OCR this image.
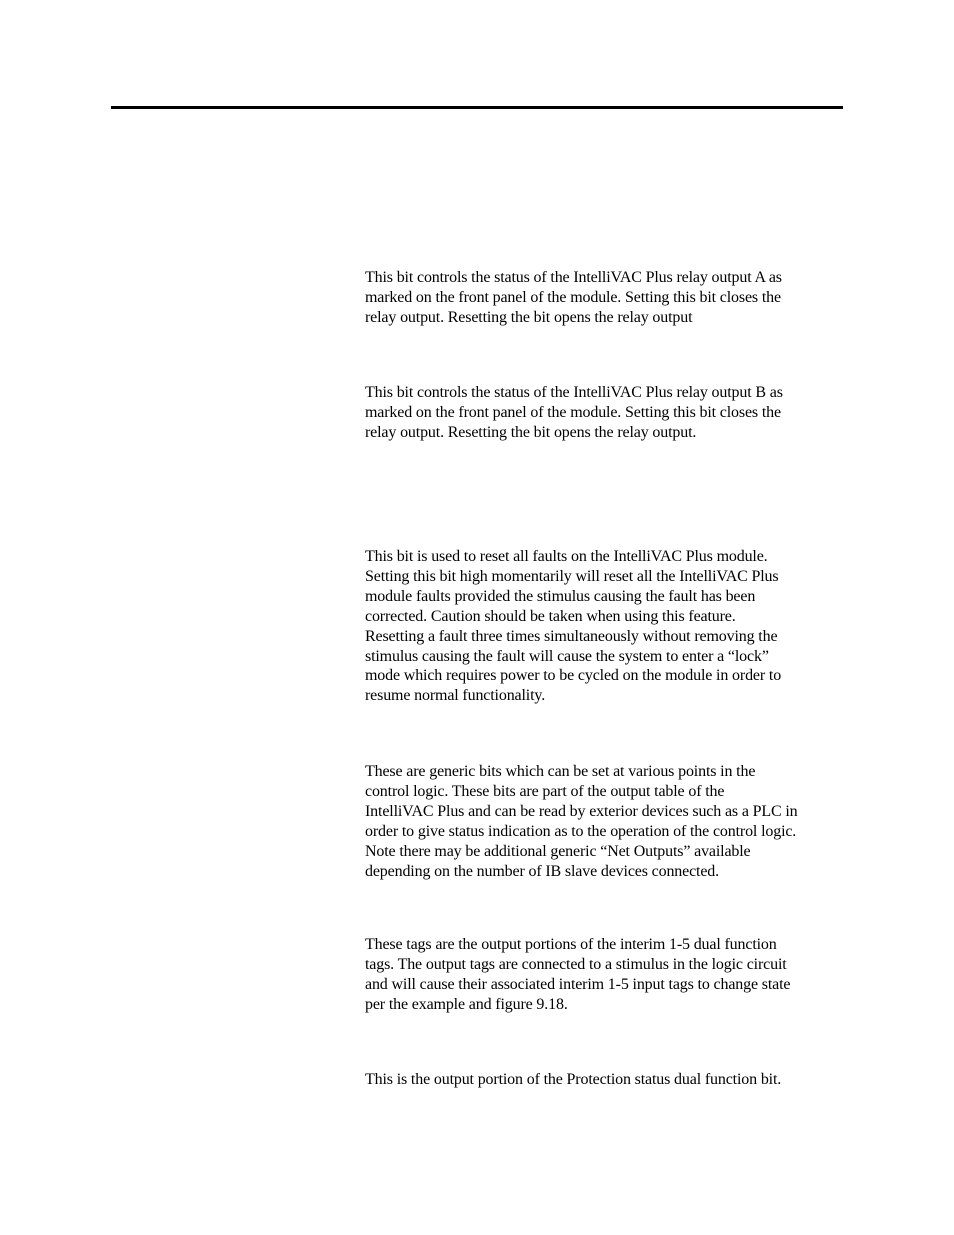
This bit controls the status of the IntelliVAC Plus relay output A as
marked on the front panel of the module. Setting this bit closes the
relay output. Resetting the bit opens the relay output

This bit controls the status of the IntelliVAC Plus relay output B as
marked on the front panel of the module. Setting this bit closes the
relay output. Resetting the bit opens the relay output.

This bit is used to reset all faults on the IntelliVAC Plus module.
Setting this bit high momentarily will reset all the IntelliVAC Plus
module faults provided the stimulus causing the fault has been
corrected. Caution should be taken when using this feature.
Resetting a fault three times simultaneously without removing the
stimulus causing the fault will cause the system to enter a “lock”
mode which requires power to be cycled on the module in order to
resume normal functionality.

These are generic bits which can be set at various points in the
control logic. These bits are part of the output table of the
IntelliVAC Plus and can be read by exterior devices such as a PLC in
order to give status indication as to the operation of the control logic.
Note there may be additional generic “Net Outputs” available
depending on the number of IB slave devices connected.

These tags are the output portions of the interim 1-5 dual function
tags. The output tags are connected to a stimulus in the logic circuit
and will cause their associated interim 1-5 input tags to change state
per the example and figure 9.18.

This is the output portion of the Protection status dual function bit.
